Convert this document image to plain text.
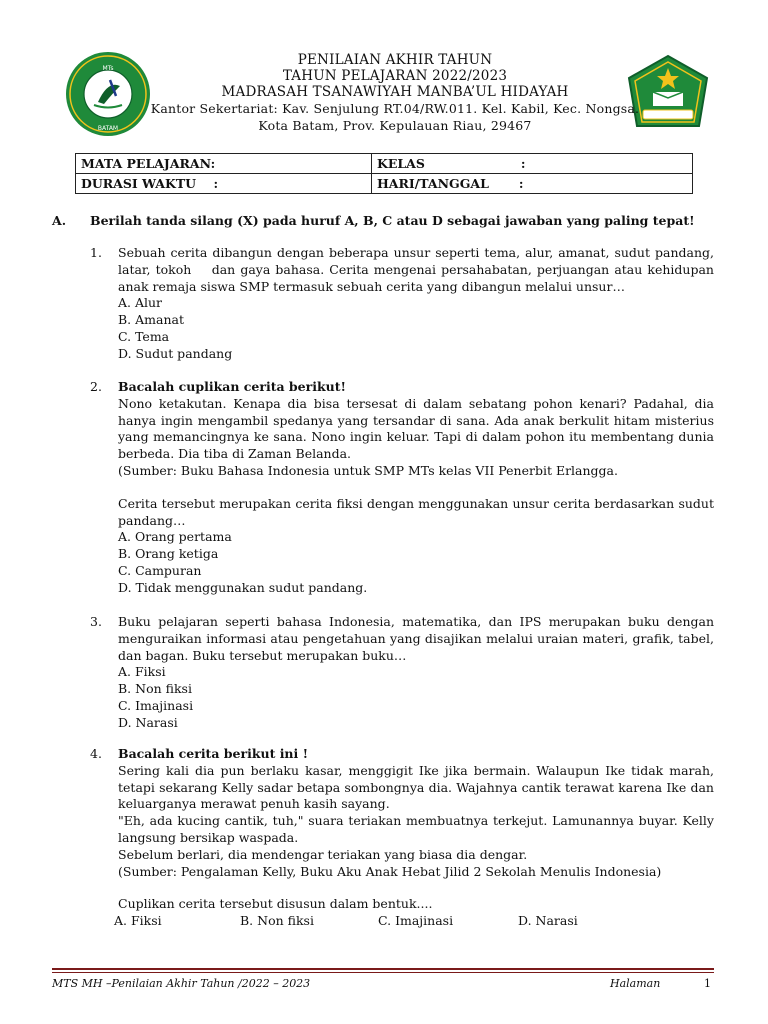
MTs
BATAM
PENILAIAN AKHIR TAHUN
TAHUN PELAJARAN 2022/2023
MADRASAH TSANAWIYAH MANBA’UL HIDAYAH
Kantor Sekertariat: Kav. Senjulung RT.04/RW.011. Kel. Kabil, Kec. Nongsa.
Kota Batam, Prov. Kepulauan Riau, 29467
MATA PELAJARAN:	KELAS :
DURASI WAKTU    :	HARI/TANGGAL :
A. Berilah tanda silang (X) pada huruf A, B, C atau D sebagai jawaban yang paling tepat!
1.	Sebuah cerita dibangun dengan beberapa unsur seperti tema, alur, amanat, sudut pandang, latar, tokoh    dan gaya bahasa. Cerita mengenai persahabatan, perjuangan atau kehidupan anak remaja siswa SMP termasuk sebuah cerita yang dibangun melalui unsur…

A. Alur
B. Amanat
C. Tema
D. Sudut pandang
2.	Bacalah cuplikan cerita berikut!

Nono ketakutan. Kenapa dia bisa tersesat di dalam sebatang pohon kenari? Padahal, dia hanya ingin mengambil spedanya yang tersandar di sana. Ada anak berkulit hitam misterius yang memancingnya ke sana. Nono ingin keluar. Tapi di dalam pohon itu membentang dunia berbeda. Dia tiba di Zaman Belanda.

(Sumber: Buku Bahasa Indonesia untuk SMP MTs kelas VII Penerbit Erlangga.

Cerita tersebut merupakan cerita fiksi dengan menggunakan unsur cerita berdasarkan sudut pandang…

A. Orang pertama
B. Orang ketiga
C. Campuran
D. Tidak menggunakan sudut pandang.
3.	Buku pelajaran seperti bahasa Indonesia, matematika, dan IPS merupakan buku dengan menguraikan informasi atau pengetahuan yang disajikan melalui uraian materi, grafik, tabel, dan bagan. Buku tersebut merupakan buku…

A. Fiksi
B. Non fiksi
C. Imajinasi
D. Narasi
4.	Bacalah cerita berikut ini !

Sering kali dia pun berlaku kasar, menggigit Ike jika bermain. Walaupun Ike tidak marah, tetapi sekarang Kelly sadar betapa sombongnya dia. Wajahnya cantik terawat karena Ike dan keluarganya merawat penuh kasih sayang.

"Eh, ada kucing cantik, tuh," suara teriakan membuatnya terkejut. Lamunannya buyar. Kelly langsung bersikap waspada.

Sebelum berlari, dia mendengar teriakan yang biasa dia dengar.

(Sumber: Pengalaman Kelly, Buku Aku Anak Hebat Jilid 2 Sekolah Menulis Indonesia)

Cuplikan cerita tersebut disusun dalam bentuk....

A. Fiksi	B. Non fiksi	C. Imajinasi	D. Narasi
MTS MH –Penilaian Akhir Tahun /2022 – 2023	Halaman	1
